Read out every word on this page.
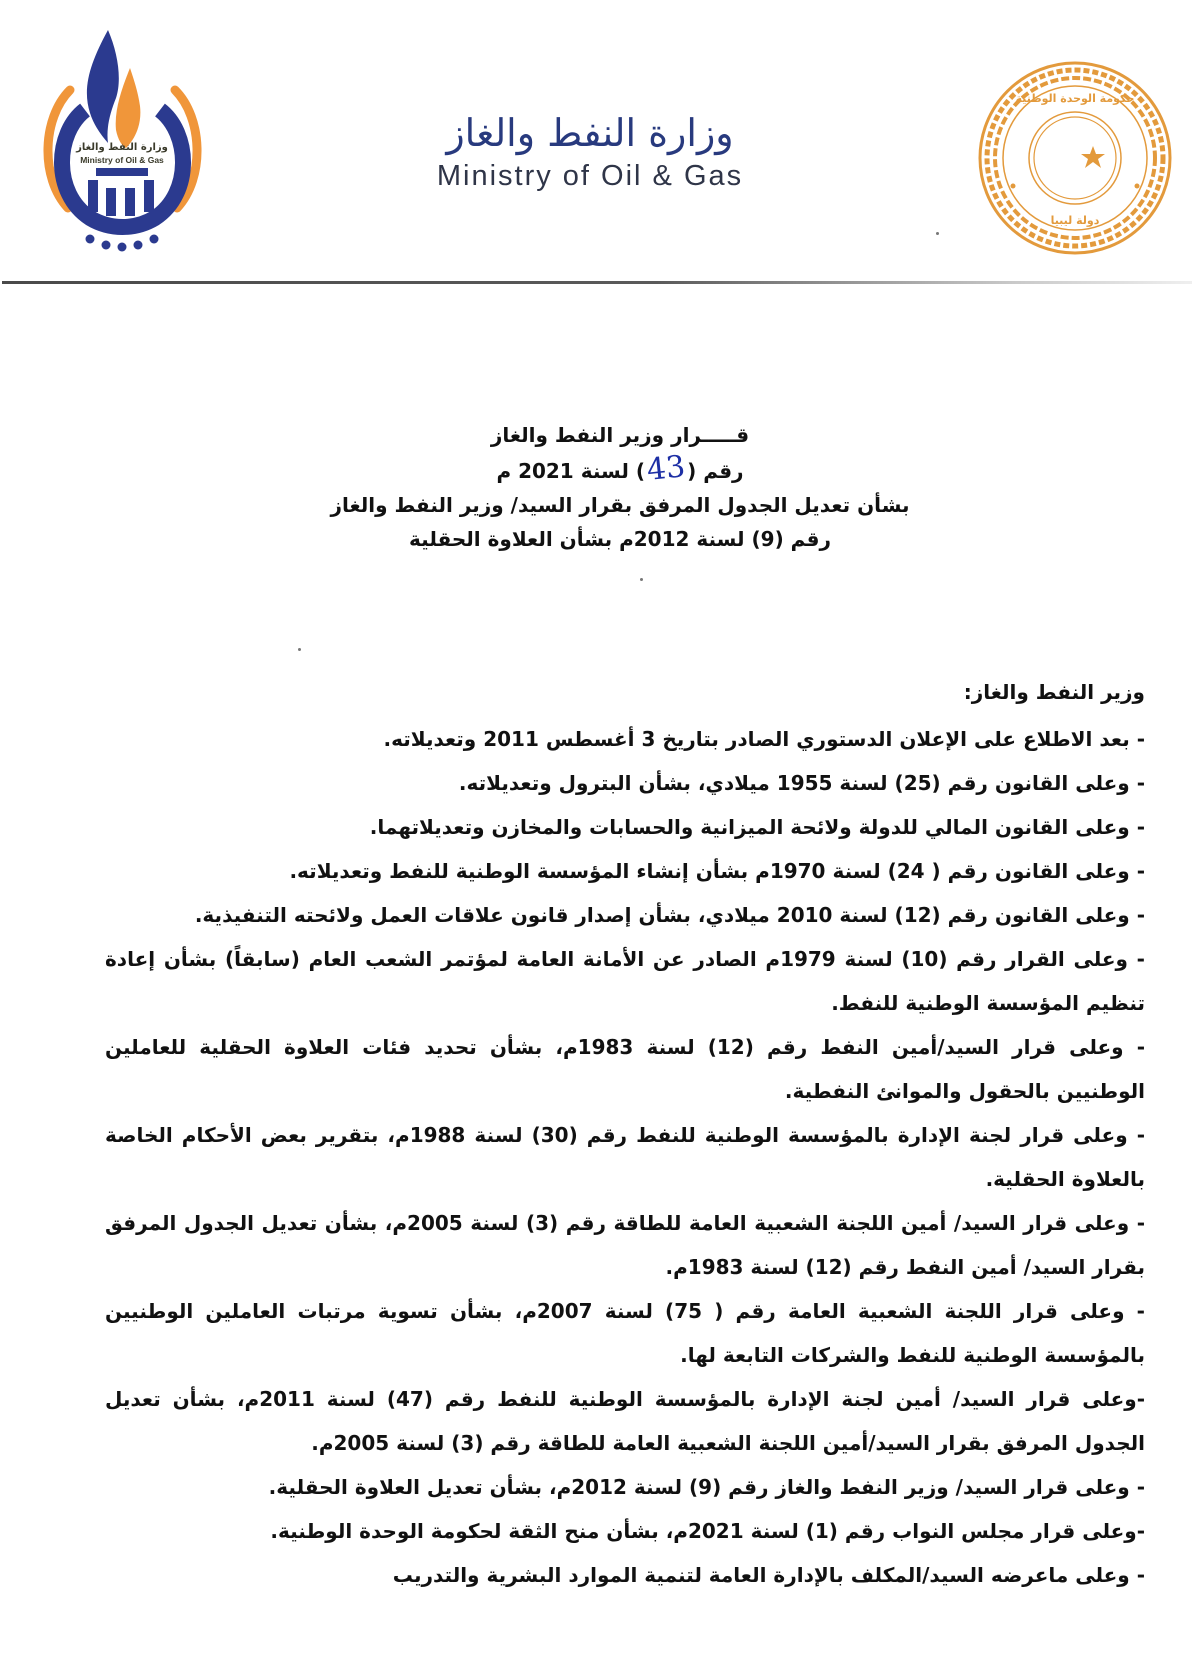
وزارة النفط والغاز
Ministry of Oil & Gas
وزارة النفط والغاز
Ministry of Oil & Gas
حكومة الوحدة الوطنية
دولة ليبيا
قـــــرار وزير النفط والغاز
رقم (43) لسنة 2021 م
بشأن تعديل الجدول المرفق بقرار السيد/ وزير النفط والغاز
رقم (9) لسنة 2012م بشأن العلاوة الحقلية

وزير النفط والغاز:

- بعد الاطلاع على الإعلان الدستوري الصادر بتاريخ 3 أغسطس 2011 وتعديلاته.

- وعلى القانون رقم (25) لسنة 1955 ميلادي، بشأن البترول وتعديلاته.

- وعلى القانون المالي للدولة ولائحة الميزانية والحسابات والمخازن وتعديلاتهما.

- وعلى القانون رقم ( 24) لسنة 1970م بشأن إنشاء المؤسسة الوطنية للنفط وتعديلاته.

- وعلى القانون رقم (12) لسنة 2010 ميلادي، بشأن إصدار قانون علاقات العمل ولائحته التنفيذية.

- وعلى القرار رقم (10) لسنة 1979م الصادر عن الأمانة العامة لمؤتمر الشعب العام (سابقاً) بشأن إعادة تنظيم المؤسسة الوطنية للنفط.

- وعلى قرار السيد/أمين النفط رقم (12) لسنة 1983م، بشأن تحديد فئات العلاوة الحقلية للعاملين الوطنيين بالحقول والموانئ النفطية.

- وعلى قرار لجنة الإدارة بالمؤسسة الوطنية للنفط رقم (30) لسنة 1988م، بتقرير بعض الأحكام الخاصة بالعلاوة الحقلية.

- وعلى قرار السيد/ أمين اللجنة الشعبية العامة للطاقة رقم (3) لسنة 2005م، بشأن تعديل الجدول المرفق بقرار السيد/ أمين النفط رقم (12) لسنة 1983م.

- وعلى قرار اللجنة الشعبية العامة رقم ( 75) لسنة 2007م، بشأن تسوية مرتبات العاملين الوطنيين بالمؤسسة الوطنية للنفط والشركات التابعة لها.

-وعلى قرار السيد/ أمين لجنة الإدارة بالمؤسسة الوطنية للنفط رقم (47) لسنة 2011م، بشأن تعديل الجدول المرفق بقرار السيد/أمين اللجنة الشعبية العامة للطاقة رقم (3) لسنة 2005م.

- وعلى قرار السيد/ وزير النفط والغاز رقم (9) لسنة 2012م، بشأن تعديل العلاوة الحقلية.

-وعلى قرار مجلس النواب رقم (1) لسنة 2021م، بشأن منح الثقة لحكومة الوحدة الوطنية.

- وعلى ماعرضه السيد/المكلف بالإدارة العامة لتنمية الموارد البشرية والتدريب
